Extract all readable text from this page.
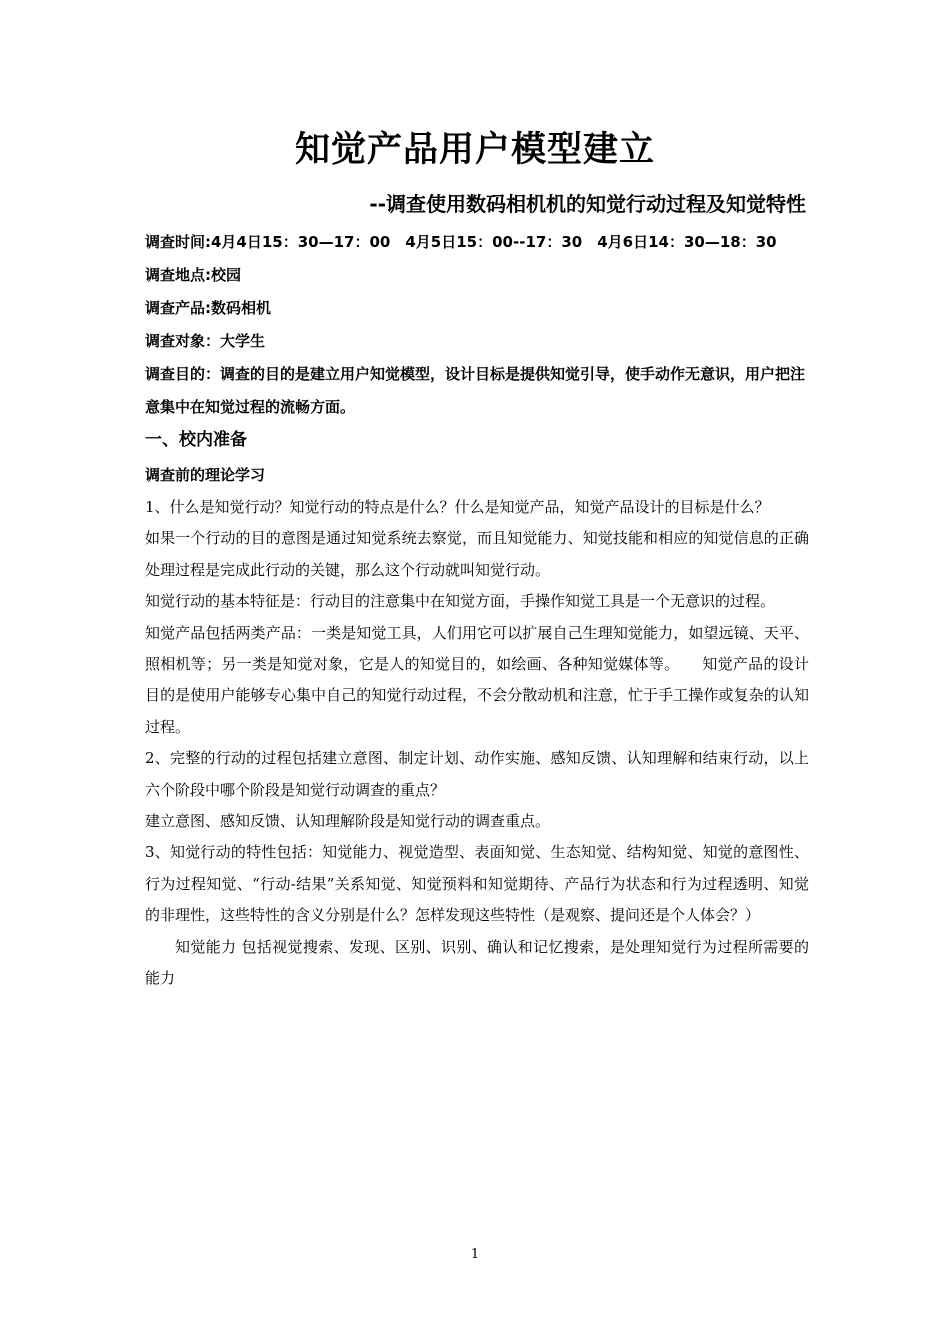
知觉产品用户模型建立
--调查使用数码相机机的知觉行动过程及知觉特性

调查时间:4月4日15：30—17：00　4月5日15：00--17：30　4月6日14：30—18：30

调查地点:校园

调查产品:数码相机

调查对象：大学生

调查目的：调查的目的是建立用户知觉模型，设计目标是提供知觉引导，使手动作无意识，用户把注意集中在知觉过程的流畅方面。

一、校内准备
调查前的理论学习

1、什么是知觉行动？知觉行动的特点是什么？什么是知觉产品，知觉产品设计的目标是什么？

如果一个行动的目的意图是通过知觉系统去察觉，而且知觉能力、知觉技能和相应的知觉信息的正确处理过程是完成此行动的关键，那么这个行动就叫知觉行动。

知觉行动的基本特征是：行动目的注意集中在知觉方面，手操作知觉工具是一个无意识的过程。

知觉产品包括两类产品：一类是知觉工具，人们用它可以扩展自己生理知觉能力，如望远镜、天平、照相机等；另一类是知觉对象，它是人的知觉目的，如绘画、各种知觉媒体等。　　知觉产品的设计目的是使用户能够专心集中自己的知觉行动过程，不会分散动机和注意，忙于手工操作或复杂的认知过程。

2、完整的行动的过程包括建立意图、制定计划、动作实施、感知反馈、认知理解和结束行动，以上六个阶段中哪个阶段是知觉行动调查的重点？

建立意图、感知反馈、认知理解阶段是知觉行动的调查重点。

3、知觉行动的特性包括：知觉能力、视觉造型、表面知觉、生态知觉、结构知觉、知觉的意图性、行为过程知觉、“行动-结果”关系知觉、知觉预料和知觉期待、产品行为状态和行为过程透明、知觉的非理性，这些特性的含义分别是什么？怎样发现这些特性（是观察、提问还是个人体会？）

知觉能力 包括视觉搜索、发现、区别、识别、确认和记忆搜索，是处理知觉行为过程所需要的能力

1
